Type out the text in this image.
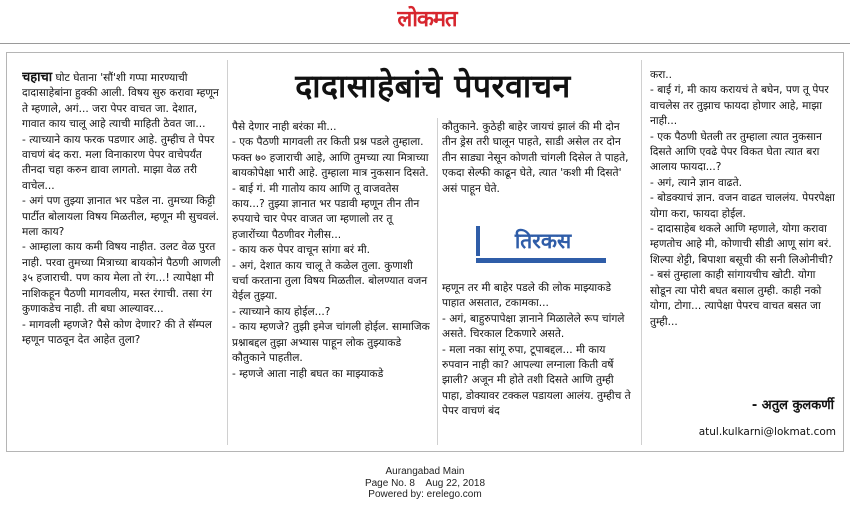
लोकमत
चहाचा घोट घेताना 'सौं'शी गप्पा मारण्याची दादासाहेबांना हुक्की आली. विषय सुरु करावा म्हणून ते म्हणाले, अगं... जरा पेपर वाचत जा. देशात, गावात काय चालू आहे त्याची माहिती ठेवत जा...
- त्याच्याने काय फरक पडणार आहे. तुम्हीच ते पेपर वाचणं बंद करा. मला विनाकारण पेपर वाचेपर्यंत तीनदा चहा करुन द्यावा लागतो. माझा वेळ तरी वाचेल...
- अगं पण तुझ्या ज्ञानात भर पडेल ना. तुमच्या किट्टी पार्टीत बोलायला विषय मिळतील, म्हणून मी सुचवलं. मला काय?
- आम्हाला काय कमी विषय नाहीत. उलट वेळ पुरत नाही. परवा तुमच्या मित्राच्या बायकोनं पैठणी आणली ३५ हजाराची. पण काय मेला तो रंग...! त्यापेक्षा मी नाशिकहून पैठणी मागवलीय, मस्त रंगाची. तसा रंग कुणाकडेच नाही. ती बघा आल्यावर...
- मागवली म्हणजे? पैसे कोण देणार? की ते सॅम्पल म्हणून पाठवून देत आहेत तुला?
दादासाहेबांचे पेपरवाचन
पैसे देणार नाही बरंका मी...
- एक पैठणी मागवली तर किती प्रश्न पडले तुम्हाला. फक्त ७० हजाराची आहे, आणि तुमच्या त्या मित्राच्या बायकोपेक्षा भारी आहे. तुम्हाला मात्र नुकसान दिसते.
- बाई गं. मी गातोय काय आणि तू वाजवतेस काय...? तुझ्या ज्ञानात भर पडावी म्हणून तीन तीन रुपयाचे चार पेपर वाजत जा म्हणालो तर तू हजारोंच्या पैठणीवर गेलीस...
- काय करु पेपर वाचून सांगा बरं मी.
- अगं, देशात काय चालू ते कळेल तुला. कुणाशी चर्चा करताना तुला विषय मिळतील. बोलण्यात वजन येईल तुझ्या.
- त्याच्याने काय होईल...?
- काय म्हणजे? तुझी इमेज चांगली होईल. सामाजिक प्रश्नाबद्दल तुझा अभ्यास पाहून लोक तुझ्याकडे कौतुकाने पाहतील.
- म्हणजे आता नाही बघत का माझ्याकडे
कौतुकाने. कुठेही बाहेर जायचं झालं की मी दोन तीन ड्रेस तरी घालून पाहते, साडी असेल तर दोन तीन साड्या नेसून कोणती चांगली दिसेल ते पाहते, एकदा सेल्फी काढून घेते, त्यात 'कशी मी दिसते' असं पाहून घेते.
तिरकस
म्हणून तर मी बाहेर पडले की लोक माझ्याकडे पाहात असतात, टकामका...
- अगं, बाहुरुपापेक्षा ज्ञानाने मिळालेले रूप चांगले असते. चिरकाल टिकणारे असते.
- मला नका सांगू रुपा, टूपाबद्दल... मी काय रुपवान नाही का? आपल्या लग्नाला किती वर्षे झाली? अजून मी होते तशी दिसते आणि तुम्ही पाहा, डोक्यावर टक्कल पडायला आलंय. तुम्हीच ते पेपर वाचणं बंद
करा..
- बाई गं, मी काय करायचं ते बघेन, पण तू पेपर वाचलेस तर तुझाच फायदा होणार आहे, माझा नाही...
- एक पैठणी घेतली तर तुम्हाला त्यात नुकसान दिसते आणि एवढे पेपर विकत घेता त्यात बरा आलाय फायदा...?
- अगं, त्याने ज्ञान वाढते.
- बोडक्याचं ज्ञान. वजन वाढत चाललंय. पेपरपेक्षा योगा करा, फायदा होईल.
- दादासाहेब थकले आणि म्हणाले, योगा करावा म्हणतोच आहे मी, कोणाची सीडी आणू सांग बरं. शिल्पा शेट्टी, बिपाशा बसूची की सनी लिओनीची?
- बसं तुम्हाला काही सांगायचीच खोटी. योगा सोडून त्या पोरी बघत बसाल तुम्ही. काही नको योगा, टोगा... त्यापेक्षा पेपरच वाचत बसत जा तुम्ही...
- अतुल कुलकर्णी
atul.kulkarni@lokmat.com
Aurangabad Main
Page No. 8    Aug 22, 2018
Powered by: erelego.com
